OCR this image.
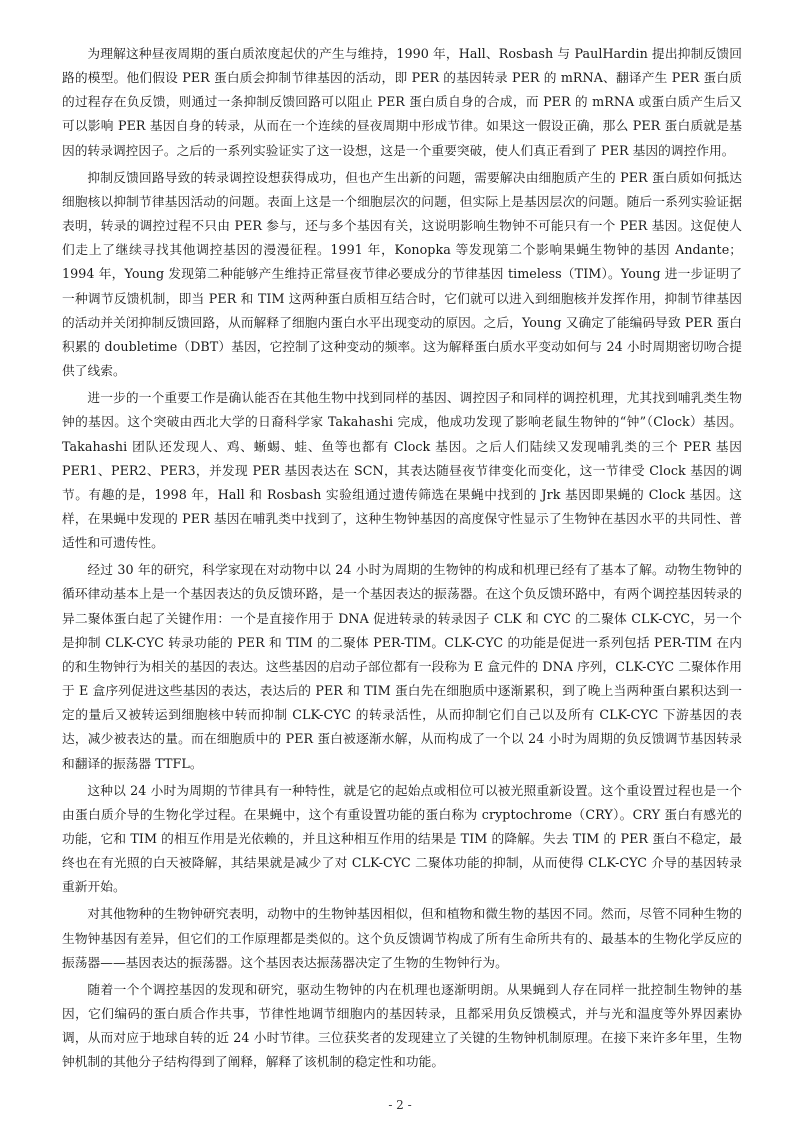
为理解这种昼夜周期的蛋白质浓度起伏的产生与维持，1990 年，Hall、Rosbash 与 PaulHardin 提出抑制反馈回路的模型。他们假设 PER 蛋白质会抑制节律基因的活动，即 PER 的基因转录 PER 的 mRNA、翻译产生 PER 蛋白质的过程存在负反馈，则通过一条抑制反馈回路可以阻止 PER 蛋白质自身的合成，而 PER 的 mRNA 或蛋白质产生后又可以影响 PER 基因自身的转录，从而在一个连续的昼夜周期中形成节律。如果这一假设正确，那么 PER 蛋白质就是基因的转录调控因子。之后的一系列实验证实了这一设想，这是一个重要突破，使人们真正看到了 PER 基因的调控作用。

抑制反馈回路导致的转录调控设想获得成功，但也产生出新的问题，需要解决由细胞质产生的 PER 蛋白质如何抵达细胞核以抑制节律基因活动的问题。表面上这是一个细胞层次的问题，但实际上是基因层次的问题。随后一系列实验证据表明，转录的调控过程不只由 PER 参与，还与多个基因有关，这说明影响生物钟不可能只有一个 PER 基因。这促使人们走上了继续寻找其他调控基因的漫漫征程。1991 年，Konopka 等发现第二个影响果蝇生物钟的基因 Andante；1994 年，Young 发现第二种能够产生维持正常昼夜节律必要成分的节律基因 timeless（TIM）。Young 进一步证明了一种调节反馈机制，即当 PER 和 TIM 这两种蛋白质相互结合时，它们就可以进入到细胞核并发挥作用，抑制节律基因的活动并关闭抑制反馈回路，从而解释了细胞内蛋白水平出现变动的原因。之后，Young 又确定了能编码导致 PER 蛋白积累的 doubletime（DBT）基因，它控制了这种变动的频率。这为解释蛋白质水平变动如何与 24 小时周期密切吻合提供了线索。

进一步的一个重要工作是确认能否在其他生物中找到同样的基因、调控因子和同样的调控机理，尤其找到哺乳类生物钟的基因。这个突破由西北大学的日裔科学家 Takahashi 完成，他成功发现了影响老鼠生物钟的“钟”（Clock）基因。Takahashi 团队还发现人、鸡、蜥蜴、蛙、鱼等也都有 Clock 基因。之后人们陆续又发现哺乳类的三个 PER 基因 PER1、PER2、PER3，并发现 PER 基因表达在 SCN，其表达随昼夜节律变化而变化，这一节律受 Clock 基因的调节。有趣的是，1998 年，Hall 和 Rosbash 实验组通过遗传筛选在果蝇中找到的 Jrk 基因即果蝇的 Clock 基因。这样，在果蝇中发现的 PER 基因在哺乳类中找到了，这种生物钟基因的高度保守性显示了生物钟在基因水平的共同性、普适性和可遗传性。

经过 30 年的研究，科学家现在对动物中以 24 小时为周期的生物钟的构成和机理已经有了基本了解。动物生物钟的循环律动基本上是一个基因表达的负反馈环路，是一个基因表达的振荡器。在这个负反馈环路中，有两个调控基因转录的异二聚体蛋白起了关键作用：一个是直接作用于 DNA 促进转录的转录因子 CLK 和 CYC 的二聚体 CLK-CYC，另一个是抑制 CLK-CYC 转录功能的 PER 和 TIM 的二聚体 PER-TIM。CLK-CYC 的功能是促进一系列包括 PER-TIM 在内的和生物钟行为相关的基因的表达。这些基因的启动子部位都有一段称为 E 盒元件的 DNA 序列，CLK-CYC 二聚体作用于 E 盒序列促进这些基因的表达，表达后的 PER 和 TIM 蛋白先在细胞质中逐渐累积，到了晚上当两种蛋白累积达到一定的量后又被转运到细胞核中转而抑制 CLK-CYC 的转录活性，从而抑制它们自己以及所有 CLK-CYC 下游基因的表达，减少被表达的量。而在细胞质中的 PER 蛋白被逐渐水解，从而构成了一个以 24 小时为周期的负反馈调节基因转录和翻译的振荡器 TTFL。

这种以 24 小时为周期的节律具有一种特性，就是它的起始点或相位可以被光照重新设置。这个重设置过程也是一个由蛋白质介导的生物化学过程。在果蝇中，这个有重设置功能的蛋白称为 cryptochrome（CRY）。CRY 蛋白有感光的功能，它和 TIM 的相互作用是光依赖的，并且这种相互作用的结果是 TIM 的降解。失去 TIM 的 PER 蛋白不稳定，最终也在有光照的白天被降解，其结果就是减少了对 CLK-CYC 二聚体功能的抑制，从而使得 CLK-CYC 介导的基因转录重新开始。

对其他物种的生物钟研究表明，动物中的生物钟基因相似，但和植物和微生物的基因不同。然而，尽管不同种生物的生物钟基因有差异，但它们的工作原理都是类似的。这个负反馈调节构成了所有生命所共有的、最基本的生物化学反应的振荡器——基因表达的振荡器。这个基因表达振荡器决定了生物的生物钟行为。

随着一个个调控基因的发现和研究，驱动生物钟的内在机理也逐渐明朗。从果蝇到人存在同样一批控制生物钟的基因，它们编码的蛋白质合作共事，节律性地调节细胞内的基因转录，且都采用负反馈模式，并与光和温度等外界因素协调，从而对应于地球自转的近 24 小时节律。三位获奖者的发现建立了关键的生物钟机制原理。在接下来许多年里，生物钟机制的其他分子结构得到了阐释，解释了该机制的稳定性和功能。

- 2 -
